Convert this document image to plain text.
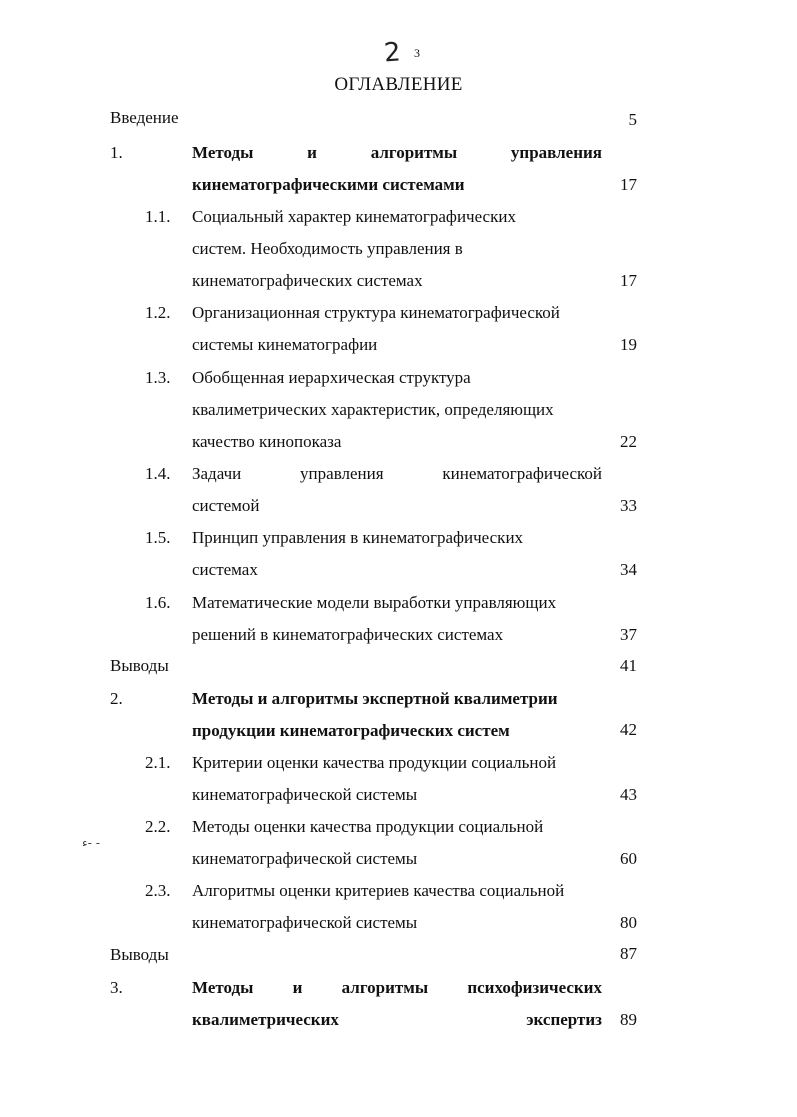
3
2
ОГЛАВЛЕНИЕ
ﺀ‐ ‐
Введение	5
1.	Методы	и	алгоритмы	управления
кинематографическими системами	17
1.1. Социальный характер кинематографических
систем. Необходимость управления в
кинематографических системах	17
1.2. Организационная структура кинематографической
системы кинематографии	19
1.3. Обобщенная иерархическая структура
квалиметрических характеристик, определяющих
качество кинопоказа	22
1.4. Задачи	управления	кинематографической
системой	33
1.5. Принцип управления в кинематографических
системах	34
1.6. Математические модели выработки управляющих
решений в кинематографических системах	37
Выводы	41
2.	Методы и алгоритмы экспертной квалиметрии
продукции кинематографических систем	42
2.1. Критерии оценки качества продукции социальной
кинематографической системы	43
2.2. Методы оценки качества продукции социальной
кинематографической системы	60
2.3. Алгоритмы оценки критериев качества социальной
кинематографической системы	80
Выводы	87
3.	Методы и алгоритмы психофизических
квалиметрических	экспертиз 89
